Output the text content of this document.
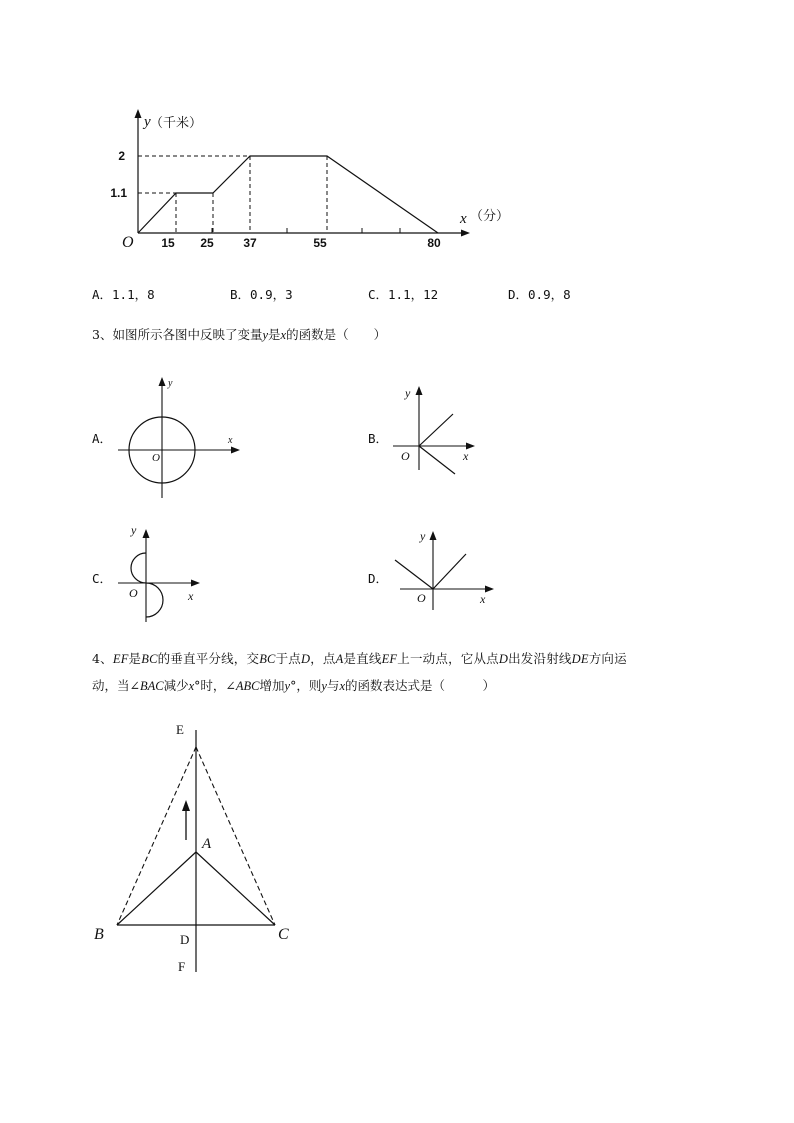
y （千米）
2
1.1
O 15 25 37	55	80
x （分）
A．1.1，8	B．0.9，3	C．1.1，12	D．0.9，8
3、如图所示各图中反映了变量y是x的函数是（　　）
A．
y
x
O
B．
y
x
O
C．
y
x
O
D．
y
x
O
4、EF是BC的垂直平分线，交BC于点D，点A是直线EF上一动点，它从点D出发沿射线DE方向运
动，当∠BAC减少x°时，∠ABC增加y°，则y与x的函数表达式是（　　　）
E
A
B	C
D
F
